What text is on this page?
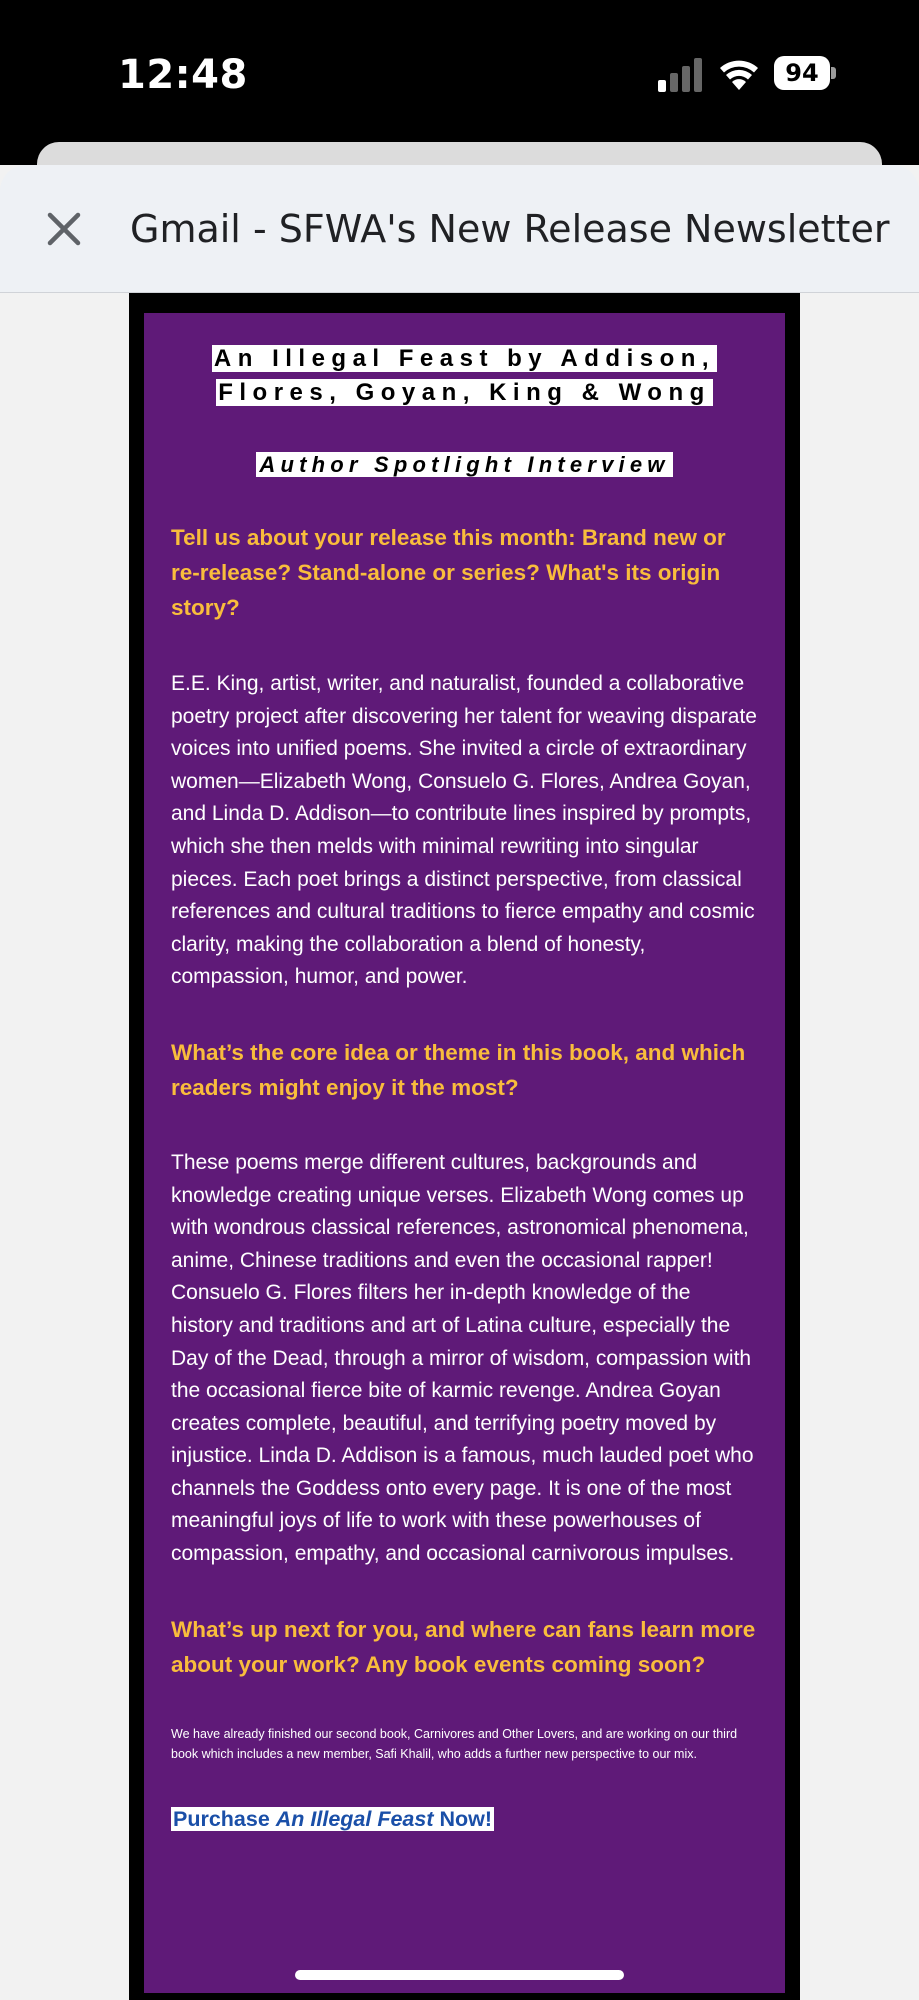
12:48	94
Gmail - SFWA's New Release Newsletter
An Illegal Feast by Addison,
Flores, Goyan, King & Wong
Author Spotlight Interview

Tell us about your release this month: Brand new or re-release? Stand-alone or series? What's its origin story?

E.E. King, artist, writer, and naturalist, founded a collaborative poetry project after discovering her talent for weaving disparate voices into unified poems. She invited a circle of extraordinary women—Elizabeth Wong, Consuelo G. Flores, Andrea Goyan, and Linda D. Addison—to contribute lines inspired by prompts, which she then melds with minimal rewriting into singular pieces. Each poet brings a distinct perspective, from classical references and cultural traditions to fierce empathy and cosmic clarity, making the collaboration a blend of honesty, compassion, humor, and power.

What’s the core idea or theme in this book, and which readers might enjoy it the most?

These poems merge different cultures, backgrounds and knowledge creating unique verses. Elizabeth Wong comes up with wondrous classical references, astronomical phenomena, anime, Chinese traditions and even the occasional rapper! Consuelo G. Flores filters her in-depth knowledge of the history and traditions and art of Latina culture, especially the Day of the Dead, through a mirror of wisdom, compassion with the occasional fierce bite of karmic revenge. Andrea Goyan creates complete, beautiful, and terrifying poetry moved by injustice. Linda D. Addison is a famous, much lauded poet who channels the Goddess onto every page. It is one of the most meaningful joys of life to work with these powerhouses of compassion, empathy, and occasional carnivorous impulses.

What’s up next for you, and where can fans learn more about your work? Any book events coming soon?

We have already finished our second book, Carnivores and Other Lovers, and are working on our third book which includes a new member, Safi Khalil, who adds a further new perspective to our mix.

Purchase An Illegal Feast Now!
